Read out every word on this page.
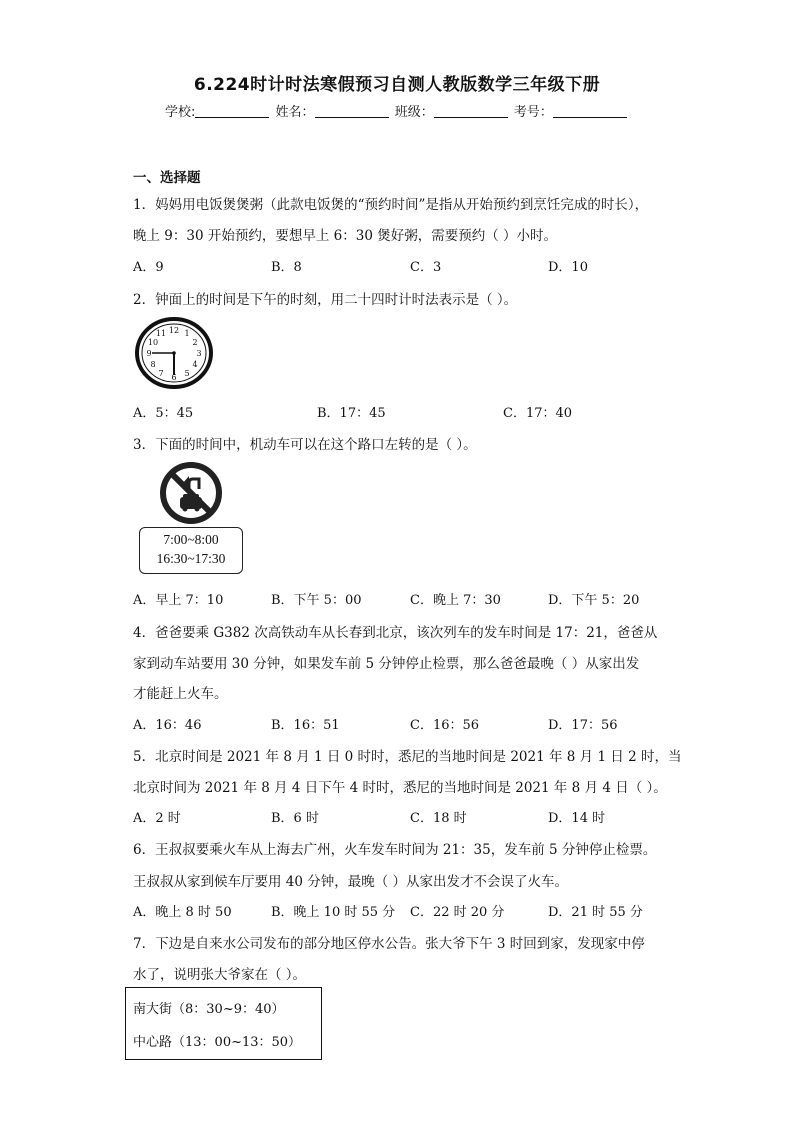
6.224时计时法寒假预习自测人教版数学三年级下册
学校:	姓名：	班级：	考号：
一、选择题
1．妈妈用电饭煲煲粥（此款电饭煲的“预约时间”是指从开始预约到烹饪完成的时长），
晚上 9：30 开始预约，要想早上 6：30 煲好粥，需要预约（ ）小时。
A．9	B．8	C．3	D．10
2．钟面上的时间是下午的时刻，用二十四时计时法表示是（ ）。
12 1
2
3
4
5
6
7
8
9
10
11
A．5：45	B．17：45	C．17：40
3．下面的时间中，机动车可以在这个路口左转的是（ ）。
7:00~8:00
16:30~17:30
A．早上 7：10	B．下午 5：00	C．晚上 7：30	D．下午 5：20
4．爸爸要乘 G382 次高铁动车从长春到北京，该次列车的发车时间是 17：21，爸爸从
家到动车站要用 30 分钟，如果发车前 5 分钟停止检票，那么爸爸最晚（ ）从家出发
才能赶上火车。
A．16：46	B．16：51	C．16：56	D．17：56
5．北京时间是 2021 年 8 月 1 日 0 时时，悉尼的当地时间是 2021 年 8 月 1 日 2 时，当
北京时间为 2021 年 8 月 4 日下午 4 时时，悉尼的当地时间是 2021 年 8 月 4 日（ ）。
A．2 时	B．6 时	C．18 时	D．14 时
6．王叔叔要乘火车从上海去广州，火车发车时间为 21：35，发车前 5 分钟停止检票。
王叔叔从家到候车厅要用 40 分钟，最晚（ ）从家出发才不会误了火车。
A．晚上 8 时 50	B．晚上 10 时 55 分 C．22 时 20 分	D．21 时 55 分
7．下边是自来水公司发布的部分地区停水公告。张大爷下午 3 时回到家，发现家中停
水了，说明张大爷家在（ ）。
南大街（8：30~9：40）
中心路（13：00~13：50）
